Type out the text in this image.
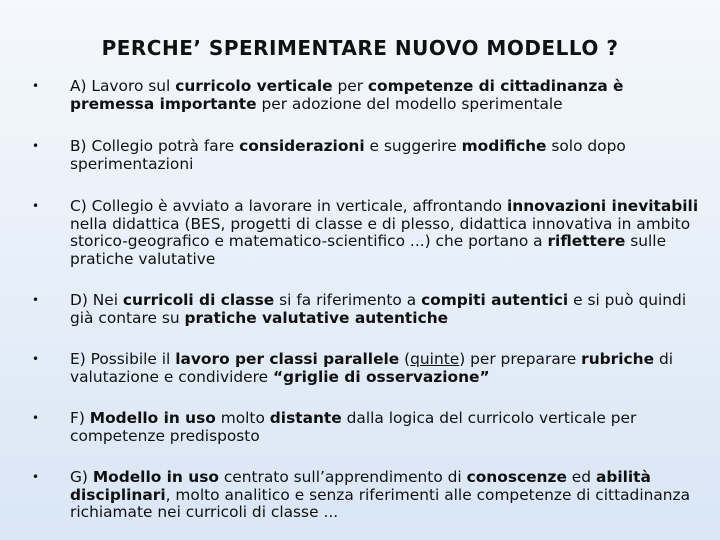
PERCHE’ SPERIMENTARE NUOVO MODELLO ?
• A) Lavoro sul curricolo verticale per competenze di cittadinanza è premessa importante per adozione del modello sperimentale
• B) Collegio potrà fare considerazioni e suggerire modifiche solo dopo sperimentazioni
• C) Collegio è avviato a lavorare in verticale, affrontando innovazioni inevitabili nella didattica (BES, progetti di classe e di plesso, didattica innovativa in ambito storico-geografico e matematico-scientifico ...) che portano a riflettere sulle pratiche valutative
• D) Nei curricoli di classe si fa riferimento a compiti autentici e si può quindi già contare su pratiche valutative autentiche
• E) Possibile il lavoro per classi parallele (quinte) per preparare rubriche di valutazione e condividere “griglie di osservazione”
• F) Modello in uso molto distante dalla logica del curricolo verticale per competenze predisposto
• G) Modello in uso centrato sull’apprendimento di conoscenze ed abilità disciplinari, molto analitico e senza riferimenti alle competenze di cittadinanza richiamate nei curricoli di classe ...
